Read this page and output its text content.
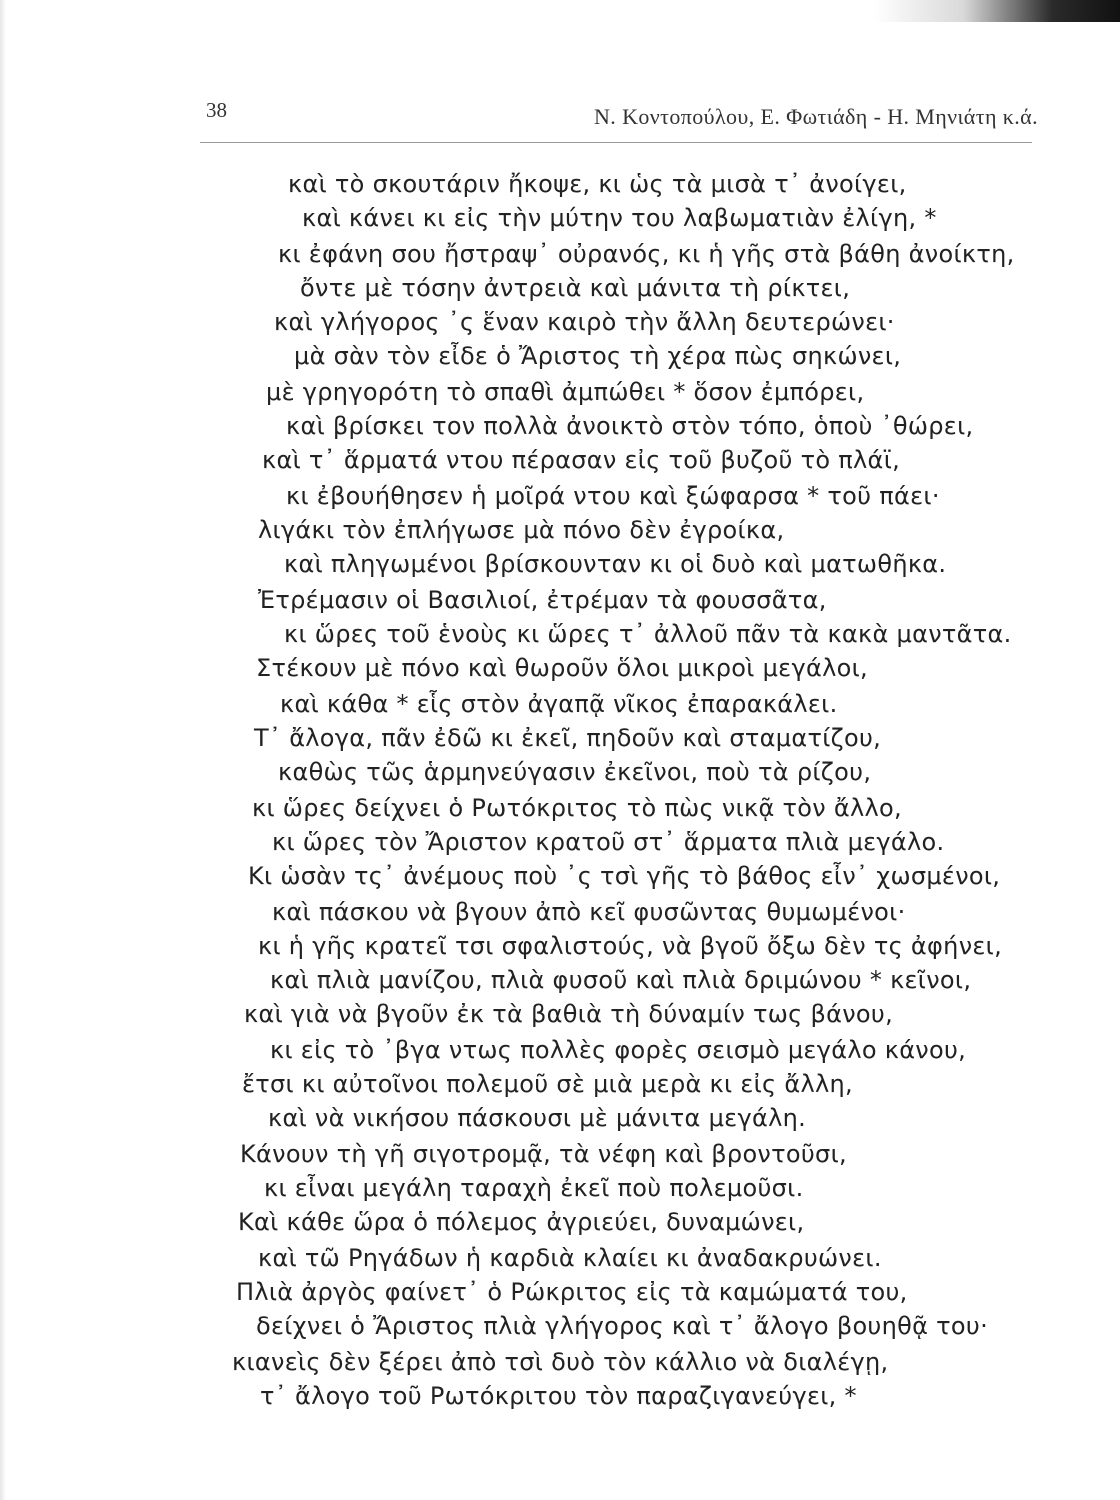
38	Ν. Κοντοπούλου, Ε. Φωτιάδη - Η. Μηνιάτη κ.ά.
καὶ τὸ σκουτάριν ἤκοψε, κι ὡς τὰ μισὰ τ᾽ ἀνοίγει,
καὶ κάνει κι εἰς τὴν μύτην του λαβωματιὰν ἐλίγη, *
κι ἐφάνη σου ἤστραψ᾽ οὐρανός, κι ἡ γῆς στὰ βάθη ἀνοίκτη,
ὄντε μὲ τόσην ἀντρειὰ καὶ μάνιτα τὴ ρίκτει,
καὶ γλήγορος ᾽ς ἕναν καιρὸ τὴν ἄλλη δευτερώνει·
μὰ σὰν τὸν εἶδε ὁ Ἄριστος τὴ χέρα πὼς σηκώνει,
μὲ γρηγορότη τὸ σπαθὶ ἀμπώθει * ὅσον ἐμπόρει,
καὶ βρίσκει τον πολλὰ ἀνοικτὸ στὸν τόπο, ὁποὺ ᾽θώρει,
καὶ τ᾽ ἅρματά ντου πέρασαν εἰς τοῦ βυζοῦ τὸ πλάϊ,
κι ἐβουήθησεν ἡ μοῖρά ντου καὶ ξώφαρσα * τοῦ πάει·
λιγάκι τὸν ἐπλήγωσε μὰ πόνο δὲν ἐγροίκα,
καὶ πληγωμένοι βρίσκουνταν κι οἱ δυὸ καὶ ματωθῆκα.
Ἐτρέμασιν οἱ Βασιλιοί, ἐτρέμαν τὰ φουσσᾶτα,
κι ὥρες τοῦ ἑνοὺς κι ὥρες τ᾽ ἀλλοῦ πᾶν τὰ κακὰ μαντᾶτα.
Στέκουν μὲ πόνο καὶ θωροῦν ὅλοι μικροὶ μεγάλοι,
καὶ κάθα * εἷς στὸν ἀγαπᾷ νῖκος ἐπαρακάλει.
Τ᾽ ἄλογα, πᾶν ἐδῶ κι ἐκεῖ, πηδοῦν καὶ σταματίζου,
καθὼς τῶς ἁρμηνεύγασιν ἐκεῖνοι, ποὺ τὰ ρίζου,
κι ὥρες δείχνει ὁ Ρωτόκριτος τὸ πὼς νικᾷ τὸν ἄλλο,
κι ὥρες τὸν Ἄριστον κρατοῦ στ᾽ ἅρματα πλιὰ μεγάλο.
Κι ὡσὰν τς᾽ ἀνέμους ποὺ ᾽ς τσὶ γῆς τὸ βάθος εἶν᾽ χωσμένοι,
καὶ πάσκου νὰ βγουν ἀπὸ κεῖ φυσῶντας θυμωμένοι·
κι ἡ γῆς κρατεῖ τσι σφαλιστούς, νὰ βγοῦ ὄξω δὲν τς ἀφήνει,
καὶ πλιὰ μανίζου, πλιὰ φυσοῦ καὶ πλιὰ δριμώνου * κεῖνοι,
καὶ γιὰ νὰ βγοῦν ἐκ τὰ βαθιὰ τὴ δύναμίν τως βάνου,
κι εἰς τὸ ᾽βγα ντως πολλὲς φορὲς σεισμὸ μεγάλο κάνου,
ἔτσι κι αὐτοῖνοι πολεμοῦ σὲ μιὰ μερὰ κι εἰς ἄλλη,
καὶ νὰ νικήσου πάσκουσι μὲ μάνιτα μεγάλη.
Κάνουν τὴ γῆ σιγοτρομᾷ, τὰ νέφη καὶ βροντοῦσι,
κι εἶναι μεγάλη ταραχὴ ἐκεῖ ποὺ πολεμοῦσι.
Καὶ κάθε ὥρα ὁ πόλεμος ἀγριεύει, δυναμώνει,
καὶ τῶ Ρηγάδων ἡ καρδιὰ κλαίει κι ἀναδακρυώνει.
Πλιὰ ἀργὸς φαίνετ᾽ ὁ Ρώκριτος εἰς τὰ καμώματά του,
δείχνει ὁ Ἄριστος πλιὰ γλήγορος καὶ τ᾽ ἄλογο βουηθᾷ του·
κιανεὶς δὲν ξέρει ἀπὸ τσὶ δυὸ τὸν κάλλιο νὰ διαλέγῃ,
τ᾽ ἄλογο τοῦ Ρωτόκριτου τὸν παραζιγανεύγει, *
